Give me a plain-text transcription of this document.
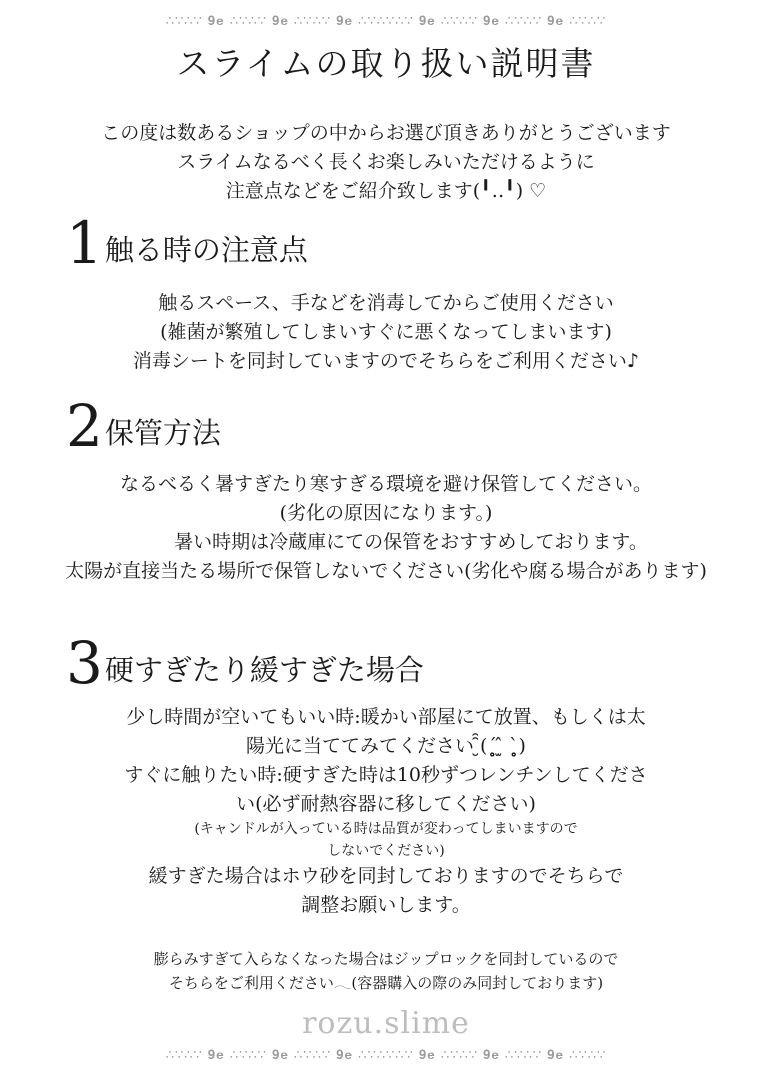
∴∵∴∵ 𝟗𝐞 ∴∵∴∵ 𝟗𝐞 ∴∵∴∵ 𝟗𝐞 ∴∵∴∵∴∵ 𝟗𝐞 ∴∵∴∵ 𝟗𝐞 ∴∵∴∵ 𝟗𝐞 ∴∵∴∵
スライムの取り扱い説明書
この度は数あるショップの中からお選び頂きありがとうございます
スライムなるべく長くお楽しみいただけるように
注意点などをご紹介致します(╹‥╹) ♡
1 触る時の注意点
触るスペース、手などを消毒してからご使用ください
(雑菌が繁殖してしまいすぐに悪くなってしまいます)
消毒シートを同封していますのでそちらをご利用ください♪
2 保管方法
なるべるく暑すぎたり寒すぎる環境を避け保管してください。
(劣化の原因になります。)
暑い時期は冷蔵庫にての保管をおすすめしております。
太陽が直接当たる場所で保管しないでください(劣化や腐る場合があります)
3 硬すぎたり緩すぎた場合
少し時間が空いてもいい時:暖かい部屋にて放置、もしくは太
陽光に当ててみてください ̮̑̑(ˊ̥̥̥̥̥ ̫̂ ˋ̥̥̥̥̥)
すぐに触りたい時:硬すぎた時は10秒ずつレンチンしてくださ
い(必ず耐熱容器に移してください)
(キャンドルが入っている時は品質が変わってしまいますので
しないでください)
緩すぎた場合はホウ砂を同封しておりますのでそちらで
調整お願いします。
膨らみすぎて入らなくなった場合はジップロックを同封しているので
そちらをご利用ください𓂃(容器購入の際のみ同封しております)
rozu.slime
∴∵∴∵ 𝟗𝐞 ∴∵∴∵ 𝟗𝐞 ∴∵∴∵ 𝟗𝐞 ∴∵∴∵∴∵ 𝟗𝐞 ∴∵∴∵ 𝟗𝐞 ∴∵∴∵ 𝟗𝐞 ∴∵∴∵
